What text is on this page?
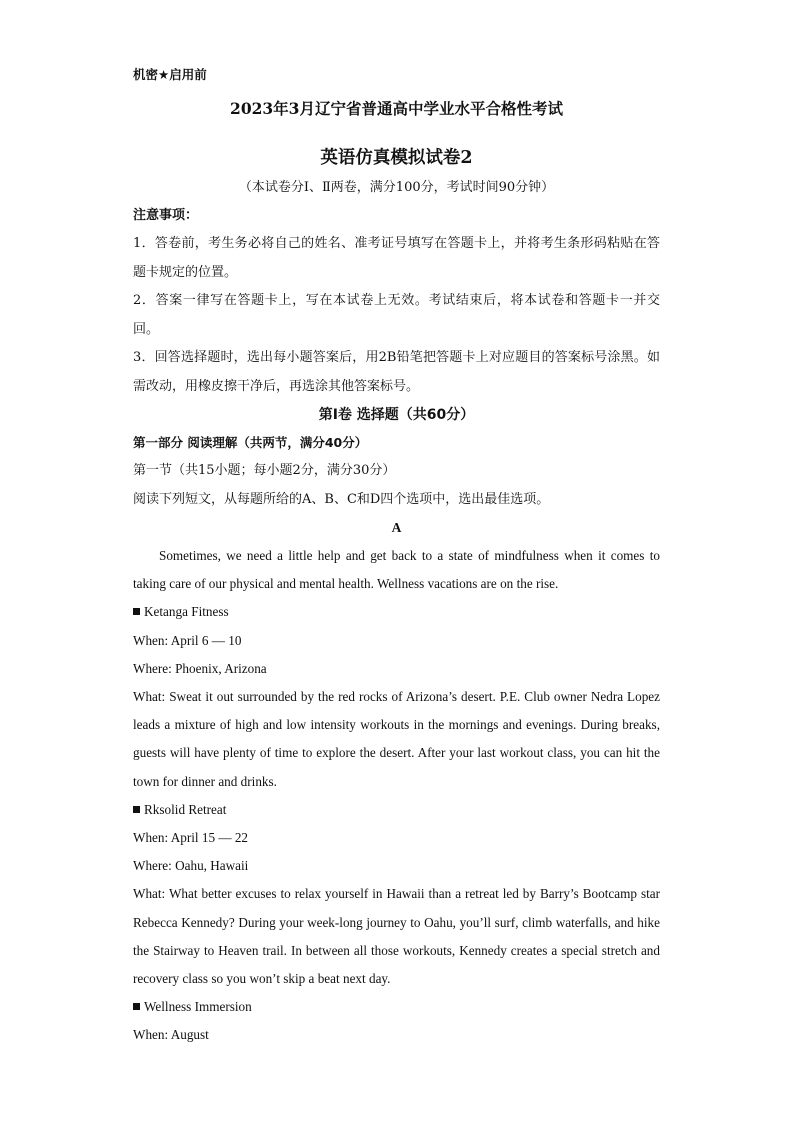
机密★启用前
2023年3月辽宁省普通高中学业水平合格性考试
英语仿真模拟试卷2
（本试卷分Ⅰ、Ⅱ两卷，满分100分，考试时间90分钟）
注意事项：
1．答卷前，考生务必将自己的姓名、准考证号填写在答题卡上，并将考生条形码粘贴在答题卡规定的位置。
2．答案一律写在答题卡上，写在本试卷上无效。考试结束后，将本试卷和答题卡一并交回。
3．回答选择题时，选出每小题答案后，用2B铅笔把答题卡上对应题目的答案标号涂黑。如需改动，用橡皮擦干净后，再选涂其他答案标号。
第Ⅰ卷 选择题（共60分）
第一部分 阅读理解（共两节，满分40分）
第一节（共15小题；每小题2分，满分30分）
阅读下列短文，从每题所给的A、B、C和D四个选项中，选出最佳选项。
A
Sometimes, we need a little help and get back to a state of mindfulness when it comes to taking care of our physical and mental health. Wellness vacations are on the rise.
Ketanga Fitness
When: April 6 — 10
Where: Phoenix, Arizona
What: Sweat it out surrounded by the red rocks of Arizona’s desert. P.E. Club owner Nedra Lopez leads a mixture of high and low intensity workouts in the mornings and evenings. During breaks, guests will have plenty of time to explore the desert. After your last workout class, you can hit the town for dinner and drinks.
Rksolid Retreat
When: April 15 — 22
Where: Oahu, Hawaii
What: What better excuses to relax yourself in Hawaii than a retreat led by Barry’s Bootcamp star Rebecca Kennedy? During your week-long journey to Oahu, you’ll surf, climb waterfalls, and hike the Stairway to Heaven trail. In between all those workouts, Kennedy creates a special stretch and recovery class so you won’t skip a beat next day.
Wellness Immersion
When: August
